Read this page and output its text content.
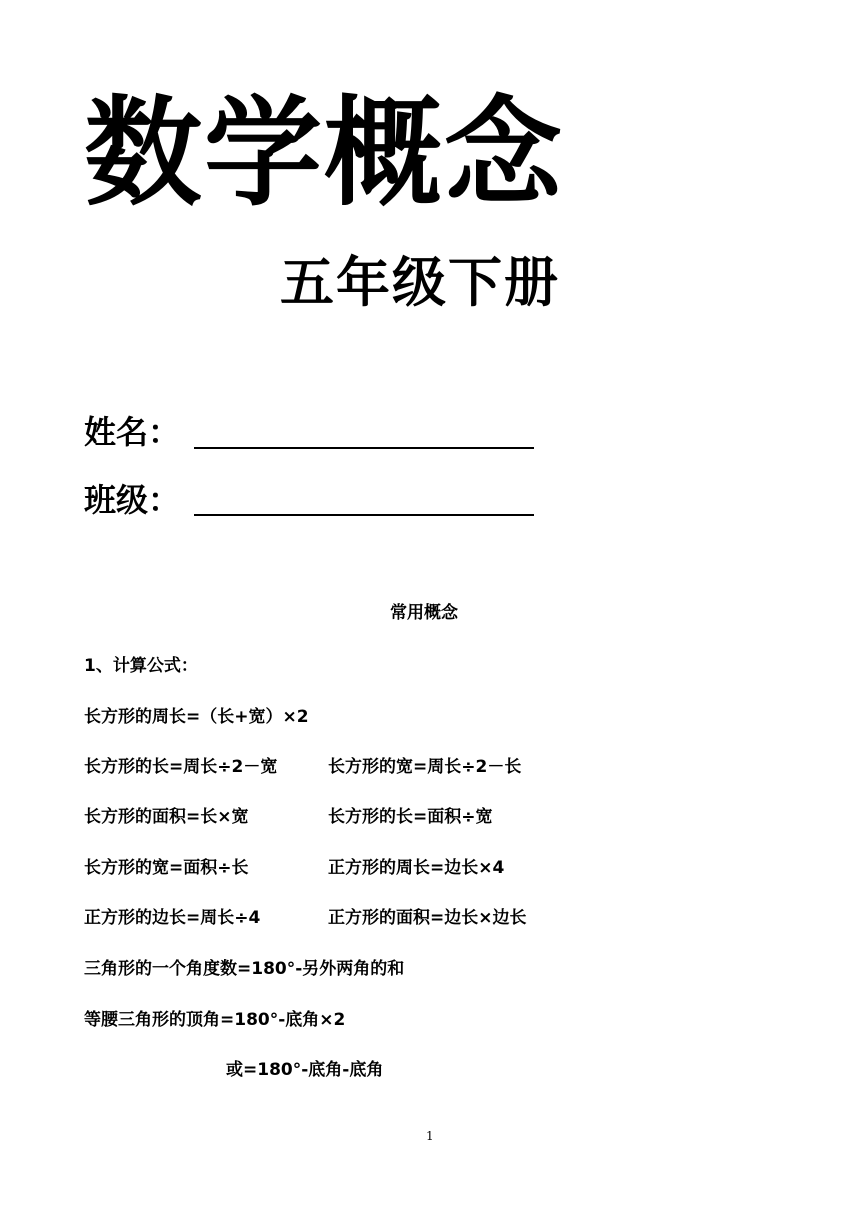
数学概念
五年级下册
姓名：
班级：
常用概念
1、计算公式：
长方形的周长=（长+宽）×2
长方形的长=周长÷2－宽	长方形的宽=周长÷2－长
长方形的面积=长×宽	长方形的长=面积÷宽
长方形的宽=面积÷长	正方形的周长=边长×4
正方形的边长=周长÷4	正方形的面积=边长×边长
三角形的一个角度数=180°-另外两角的和
等腰三角形的顶角=180°-底角×2
或=180°-底角-底角
1
